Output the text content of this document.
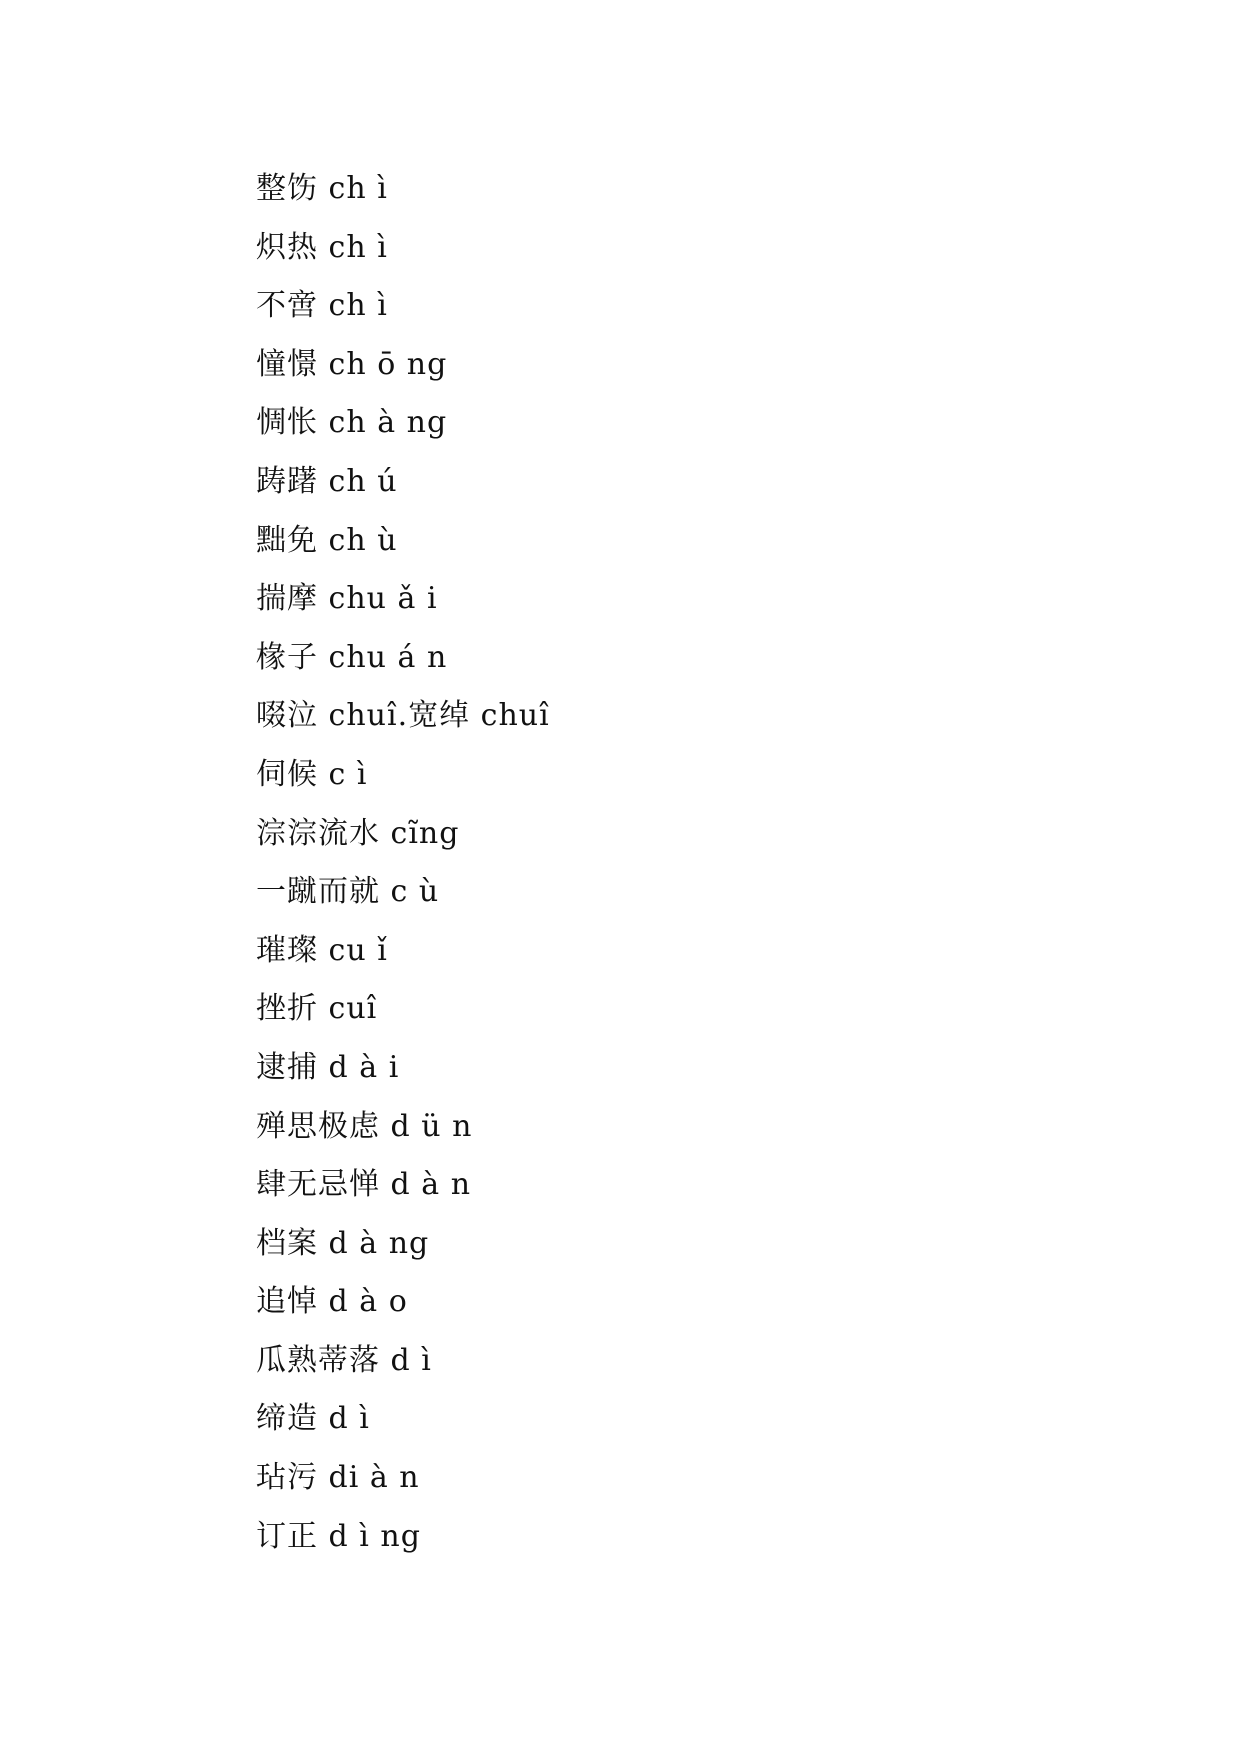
整饬 ch ì
炽热 ch ì
不啻 ch ì
憧憬 ch ō ng
惆怅 ch à ng
踌躇 ch ú
黜免 ch ù
揣摩 chu ǎ i
椽子 chu á n
啜泣 chuî.宽绰 chuî
伺候 c ì
淙淙流水 cĩng
一蹴而就 c ù
璀璨 cu ǐ
挫折 cuî
逮捕 d à i
殚思极虑 d ü n
肆无忌惮 d à n
档案 d à ng
追悼 d à o
瓜熟蒂落 d ì
缔造 d ì
玷污 di à n
订正 d ì ng
